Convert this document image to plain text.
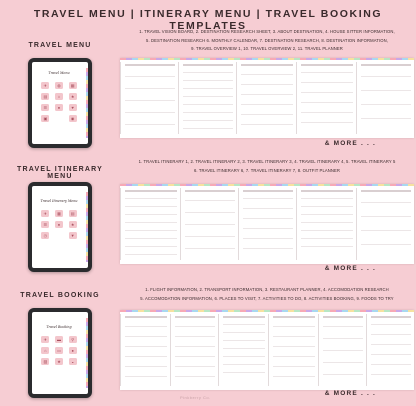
TRAVEL MENU | ITINERARY MENU | TRAVEL BOOKING TEMPLATES
TRAVEL MENU
Travel Menu
✈	◍	▦
▤	⌂	★
☰	●	♥
▣	◉
1. TRAVEL VISION BOARD, 2. DESTINATION RESEARCH SHEET, 3. ABOUT DESTINATION, 4. HOUSE SITTER INFORMATION,
5. DESTINATION RESEARCH 6. MONTHLY CALENDAR, 7. DESTINATION RESEARCH, 8. DESTINATION INFORMATION,
9. TRAVEL OVERVIEW 1, 10. TRAVEL OVERVIEW 2, 11. TRAVEL PLANNER
& MORE . . .
TRAVEL ITINERARY MENU
Travel Itinerary Menu
✈	▦	▤
☰	●	★
◷	▼
1. TRAVEL ITINERARY 1, 2. TRAVEL ITINERARY 2, 3. TRAVEL ITINERARY 3, 4. TRAVEL ITINERARY 4, 5. TRAVEL ITINERARY 5
6. TRAVEL ITINERARY 6, 7. TRAVEL ITINERARY 7, 8. OUTFIT PLANNER
& MORE . . .
TRAVEL BOOKING
Travel Booking
✈	▬	⚲
⌂	▭	●
▧	★	◒
1. FLIGHT INFORMATION, 2. TRANSPORT INFORMATION, 3. RESTAURANT PLANNER, 4. ACCOMODATION RESEARCH
5. ACCOMODATION INFORMATION, 6. PLACES TO VISIT, 7. ACTIVITIES TO DO, 8. ACTIVITIES BOOKING, 9. FOODS TO TRY
& MORE . . .
Pinkberry Co.
